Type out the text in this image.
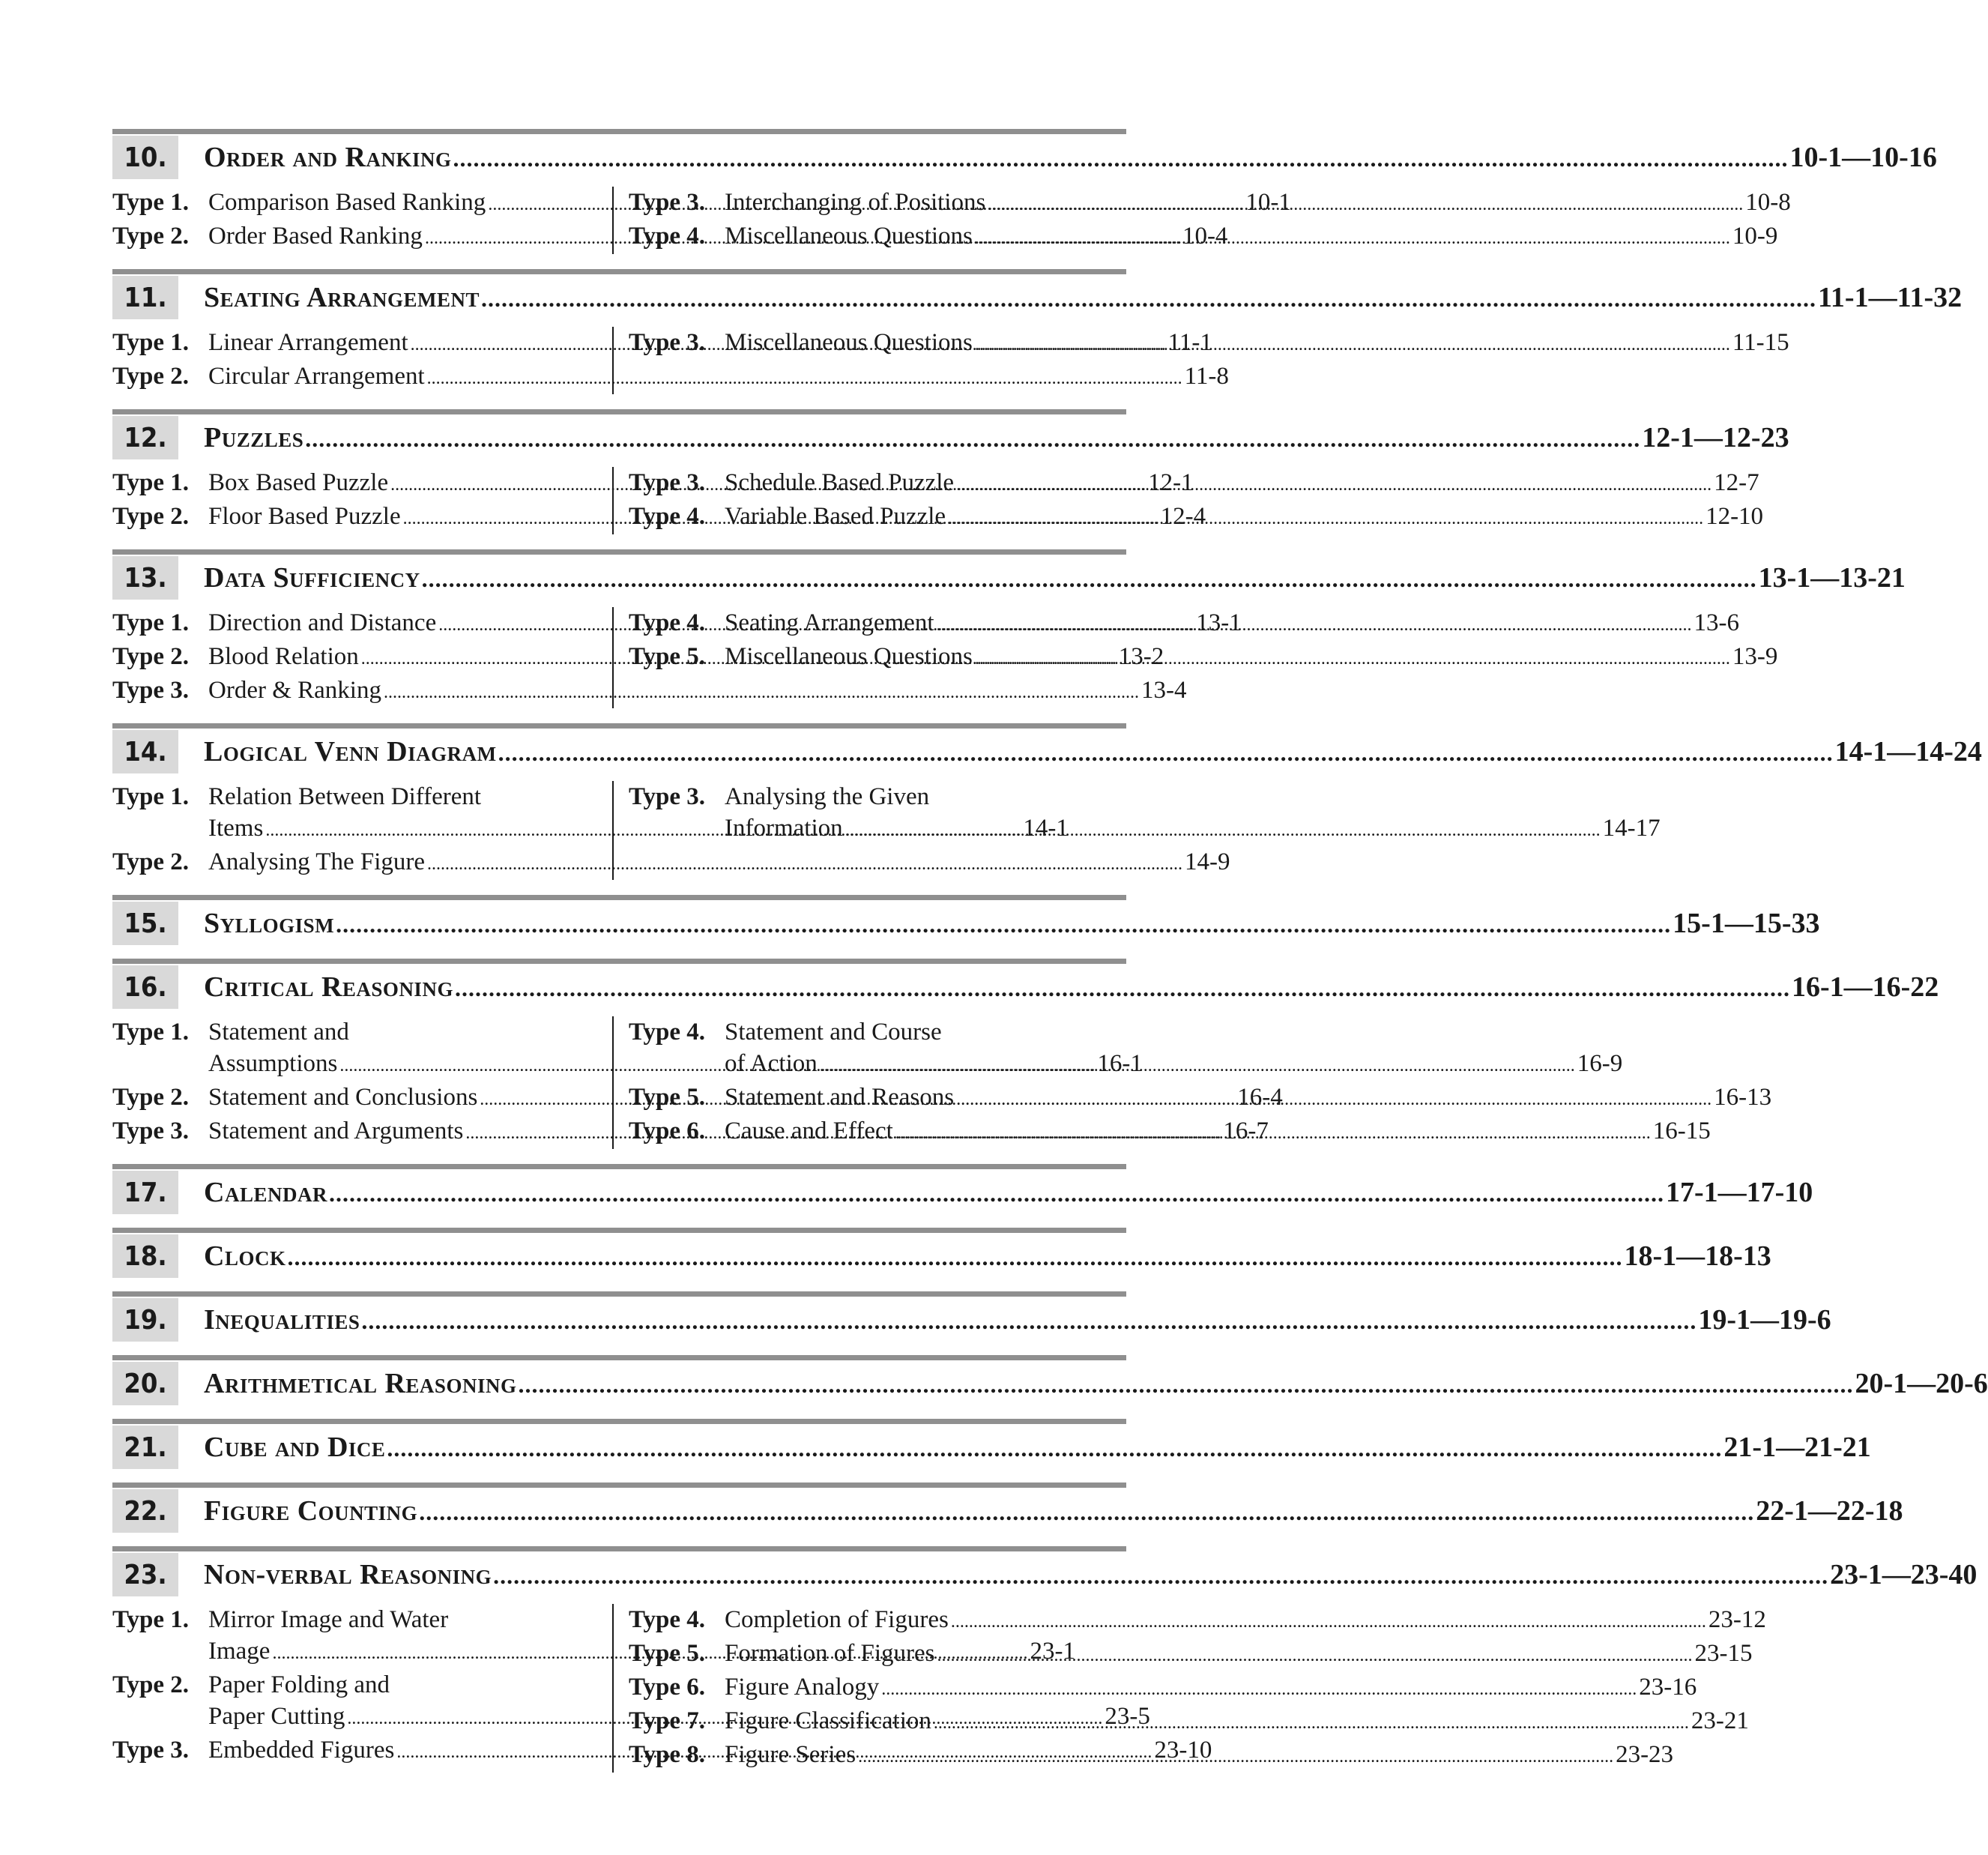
10.	Order and Ranking .....	10-1—10-16
Type 1. Comparison Based Ranking .....	10-1
Type 2. Order Based Ranking .....	10-4
Type 3. Interchanging of Positions .....	10-8
Type 4. Miscellaneous Questions .....	10-9
11.	Seating Arrangement .....	11-1—11-32
Type 1. Linear Arrangement .....	11-1
Type 2. Circular Arrangement .....	11-8
Type 3. Miscellaneous Questions .....	11-15
12.	Puzzles .....	12-1—12-23
Type 1. Box Based Puzzle .....	12-1
Type 2. Floor Based Puzzle .....	12-4
Type 3. Schedule Based Puzzle .....	12-7
Type 4. Variable Based Puzzle .....	12-10
13.	Data Sufficiency .....	13-1—13-21
Type 1. Direction and Distance .....	13-1
Type 2. Blood Relation .....	13-2
Type 3. Order & Ranking .....	13-4
Type 4. Seating Arrangement .....	13-6
Type 5. Miscellaneous Questions .....	13-9
14.	Logical Venn Diagram .....	14-1—14-24
Type 1. Relation Between Different
Items .....	14-1
Type 2. Analysing The Figure .....	14-9
Type 3. Analysing the Given
Information .....	14-17
15.	Syllogism .....	15-1—15-33
16.	Critical Reasoning .....	16-1—16-22
Type 1. Statement and
Assumptions .....	16-1
Type 2. Statement and Conclusions .....	16-4
Type 3. Statement and Arguments .....	16-7
Type 4. Statement and Course
of Action .....	16-9
Type 5. Statement and Reasons .....	16-13
Type 6. Cause and Effect .....	16-15
17.	Calendar .....	17-1—17-10
18.	Clock .....	18-1—18-13
19.	Inequalities .....	19-1—19-6
20.	Arithmetical Reasoning .....	20-1—20-6
21.	Cube and Dice .....	21-1—21-21
22.	Figure Counting .....	22-1—22-18
23.	Non-verbal Reasoning .....	23-1—23-40
Type 1. Mirror Image and Water
Image .....	23-1
Type 2. Paper Folding and
Paper Cutting .....	23-5
Type 3. Embedded Figures .....	23-10
Type 4. Completion of Figures .....	23-12
Type 5. Formation of Figures .....	23-15
Type 6. Figure Analogy .....	23-16
Type 7. Figure Classification .....	23-21
Type 8. Figure Series .....	23-23
